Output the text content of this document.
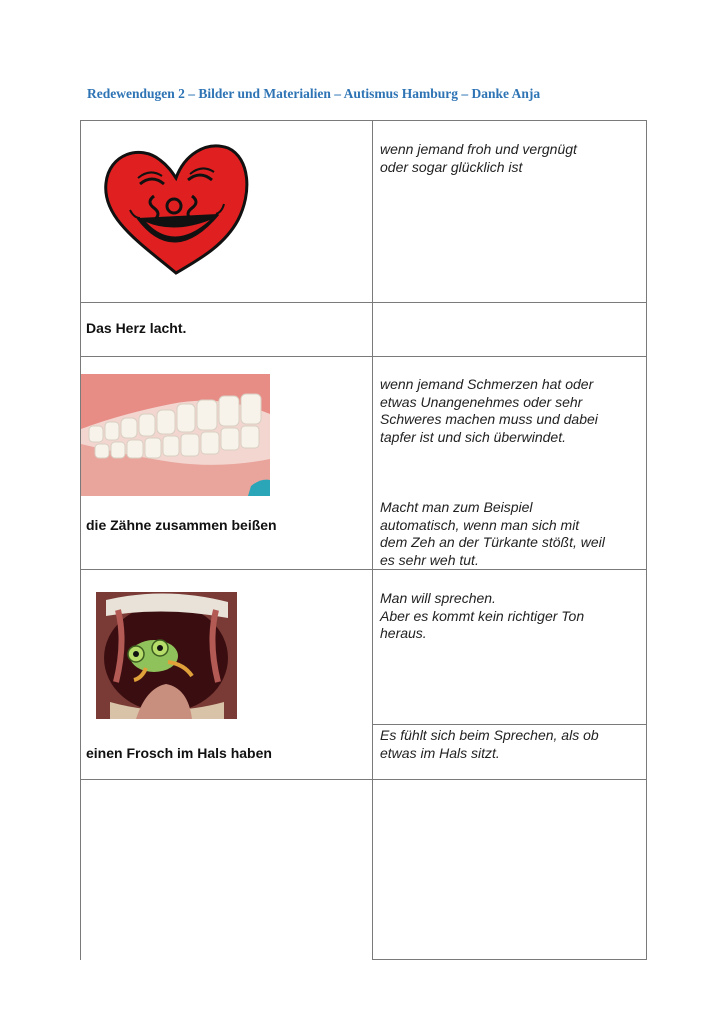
Redewendugen 2 – Bilder und Materialien – Autismus Hamburg – Danke Anja
wenn jemand froh und vergnügt
oder sogar glücklich ist
Das Herz lacht.
wenn jemand Schmerzen hat oder
etwas Unangenehmes oder sehr
Schweres machen muss und dabei
tapfer ist und sich überwindet.
Macht man zum Beispiel
automatisch, wenn man sich mit
dem Zeh an der Türkante stößt, weil
es sehr weh tut.
die Zähne zusammen beißen
Man will sprechen.
Aber es kommt kein richtiger Ton
heraus.
Es fühlt sich beim Sprechen, als ob
etwas im Hals sitzt.
einen Frosch im Hals haben
